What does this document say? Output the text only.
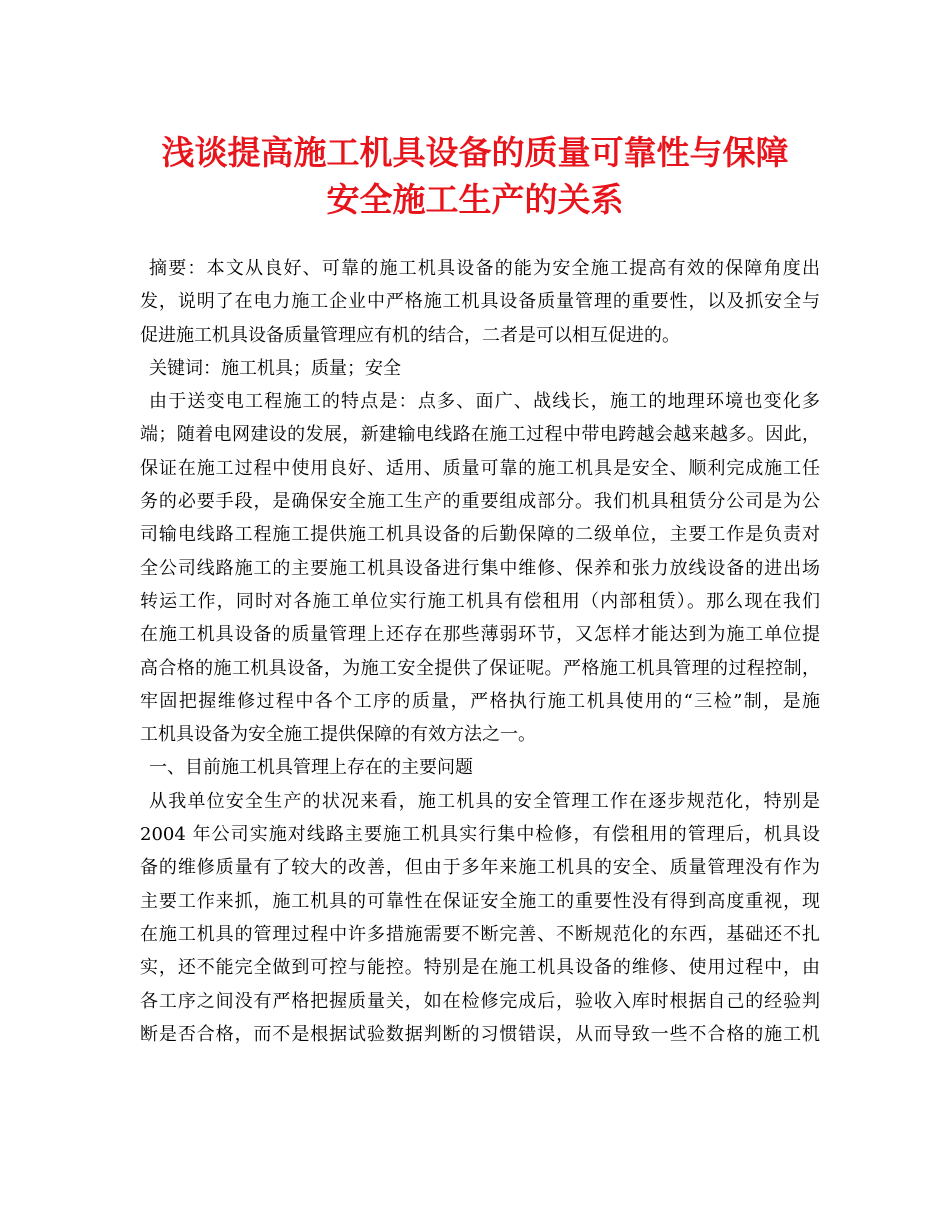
浅谈提高施工机具设备的质量可靠性与保障
安全施工生产的关系
摘要：本文从良好、可靠的施工机具设备的能为安全施工提高有效的保障角度出
发，说明了在电力施工企业中严格施工机具设备质量管理的重要性，以及抓安全与
促进施工机具设备质量管理应有机的结合，二者是可以相互促进的。
关键词：施工机具；质量；安全
由于送变电工程施工的特点是：点多、面广、战线长，施工的地理环境也变化多
端；随着电网建设的发展，新建输电线路在施工过程中带电跨越会越来越多。因此，
保证在施工过程中使用良好、适用、质量可靠的施工机具是安全、顺利完成施工任
务的必要手段，是确保安全施工生产的重要组成部分。我们机具租赁分公司是为公
司输电线路工程施工提供施工机具设备的后勤保障的二级单位，主要工作是负责对
全公司线路施工的主要施工机具设备进行集中维修、保养和张力放线设备的进出场
转运工作，同时对各施工单位实行施工机具有偿租用（内部租赁）。那么现在我们
在施工机具设备的质量管理上还存在那些薄弱环节，又怎样才能达到为施工单位提
高合格的施工机具设备，为施工安全提供了保证呢。严格施工机具管理的过程控制，
牢固把握维修过程中各个工序的质量，严格执行施工机具使用的“三检”制，是施
工机具设备为安全施工提供保障的有效方法之一。
一、目前施工机具管理上存在的主要问题
从我单位安全生产的状况来看，施工机具的安全管理工作在逐步规范化，特别是
2004 年公司实施对线路主要施工机具实行集中检修，有偿租用的管理后，机具设
备的维修质量有了较大的改善，但由于多年来施工机具的安全、质量管理没有作为
主要工作来抓，施工机具的可靠性在保证安全施工的重要性没有得到高度重视，现
在施工机具的管理过程中许多措施需要不断完善、不断规范化的东西，基础还不扎
实，还不能完全做到可控与能控。特别是在施工机具设备的维修、使用过程中，由
各工序之间没有严格把握质量关，如在检修完成后，验收入库时根据自己的经验判
断是否合格，而不是根据试验数据判断的习惯错误，从而导致一些不合格的施工机
